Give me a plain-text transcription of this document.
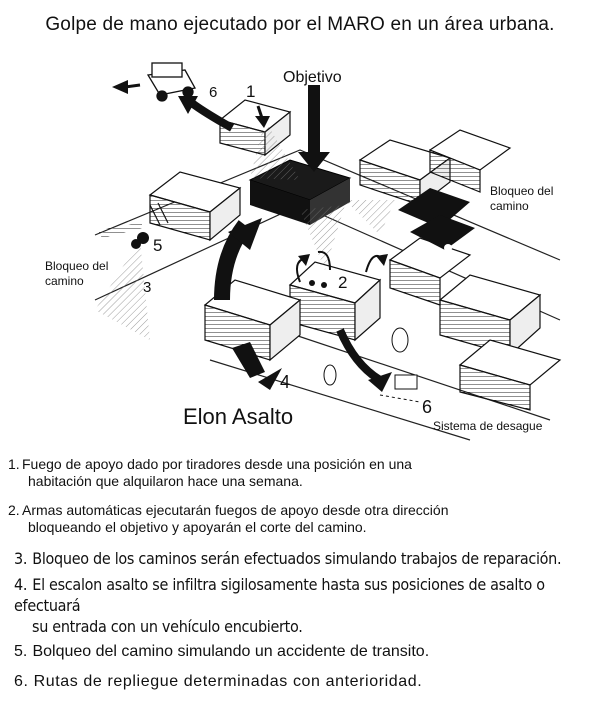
Golpe de mano ejecutado por el MARO en un área urbana.
Objetivo
Bloqueo del
camino
Bloqueo del
camino
Elon Asalto	Sistema de desague
6 1
5
3	2
4
6
1. Fuego de apoyo dado por tiradores desde una posición en una
habitación que alquilaron hace una semana.
2. Armas automáticas ejecutarán fuegos de apoyo desde otra dirección
bloqueando el objetivo y apoyarán el corte del camino.
3. Bloqueo de los caminos serán efectuados simulando trabajos de reparación.
4. El escalon asalto se infiltra sigilosamente hasta sus posiciones de asalto o efectuará
su entrada con un vehículo encubierto.
5. Bolqueo del camino simulando un accidente de transito.
6. Rutas de repliegue determinadas con anterioridad.
